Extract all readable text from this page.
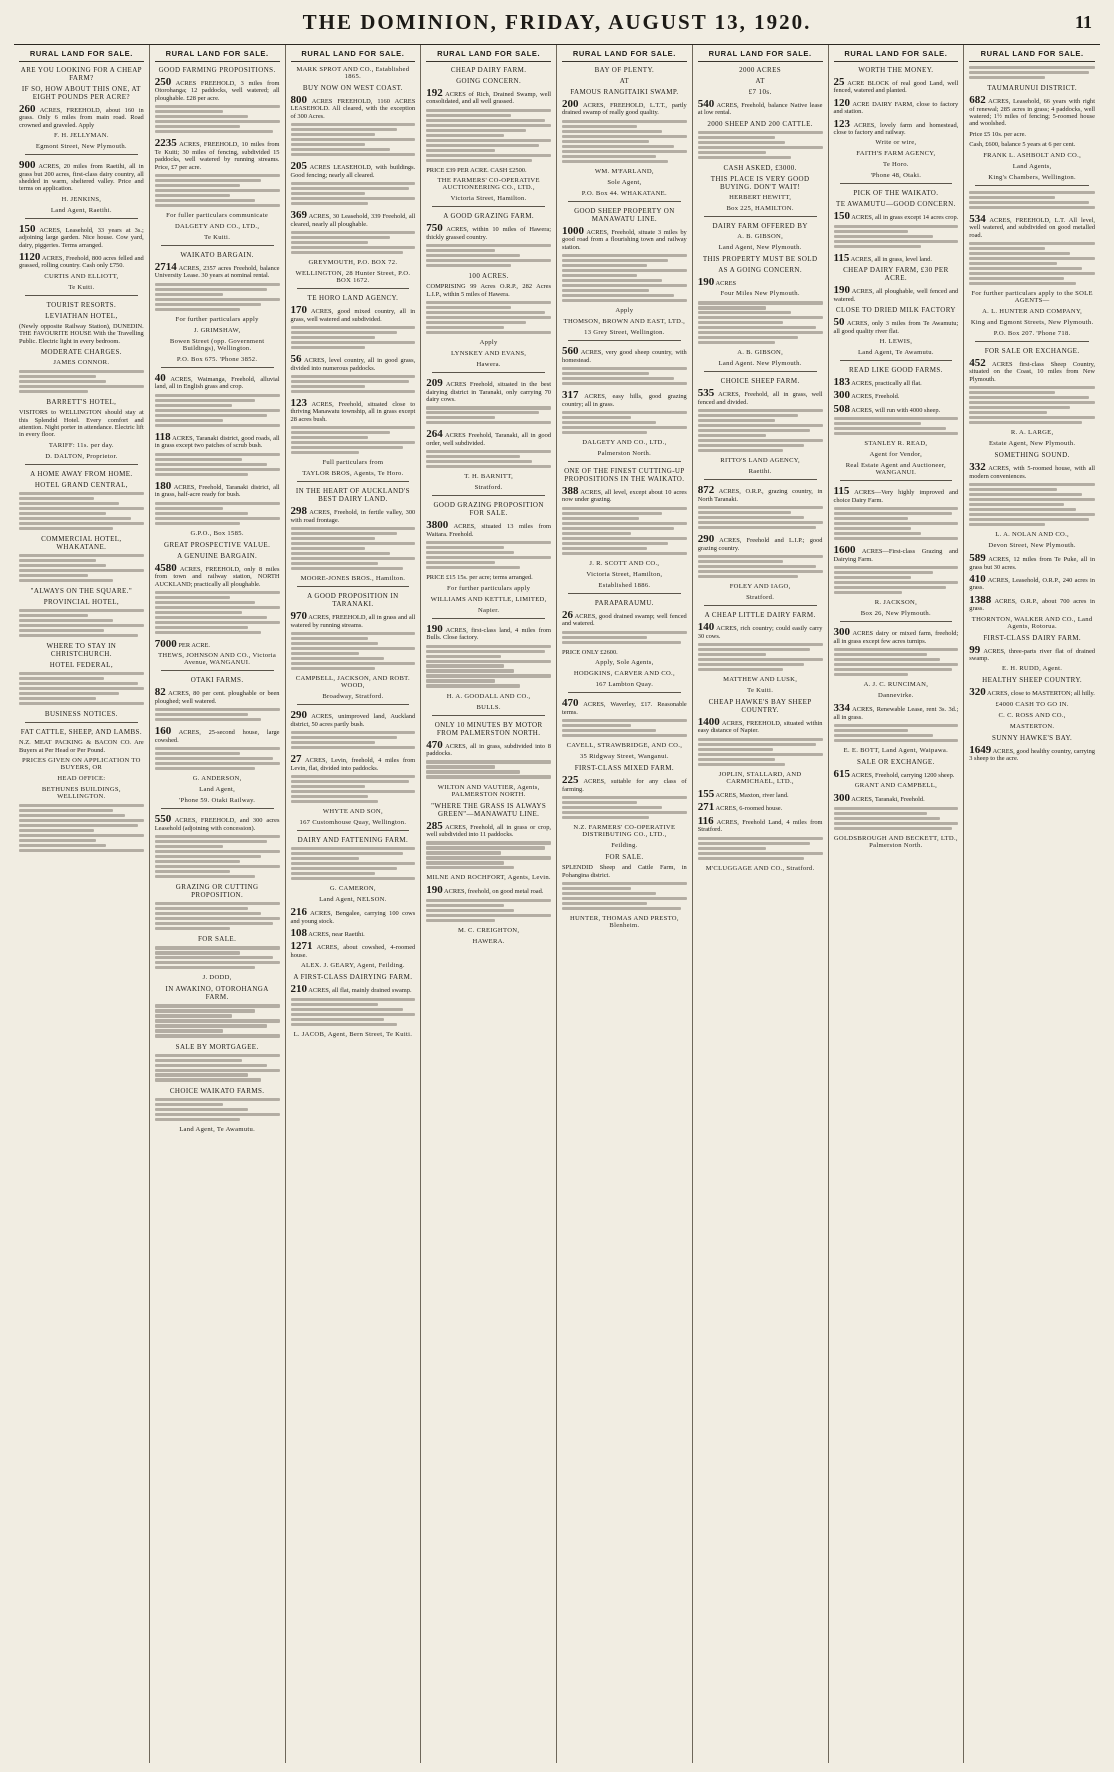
THE DOMINION, FRIDAY, AUGUST 13, 1920.	11
RURAL LAND FOR SALE.
ARE YOU LOOKING FOR A CHEAP FARM?
IF SO, HOW ABOUT THIS ONE, AT EIGHT POUNDS PER ACRE?

260 ACRES, FREEHOLD, about 160 in grass. Only 6 miles from main road. Road crowned and graveled. Apply

F. H. JELLYMAN.
Egmont Street, New Plymouth.

900 ACRES, 20 miles from Raetihi, all in grass but 200 acres, first-class dairy country, all shedded in warm, sheltered valley. Price and terms on application.

H. JENKINS,
Land Agent, Raetihi.

150 ACRES, Leasehold, 33 years at 3s.; adjoining large garden. Nice house. Cow yard, dairy, piggeries. Terms arranged.

1120 ACRES, Freehold, 800 acres felled and grassed, rolling country. Cash only £750.

CURTIS AND ELLIOTT,
Te Kuiti.
TOURIST RESORTS.
LEVIATHAN HOTEL,

(Newly opposite Railway Station), DUNEDIN. THE FAVOURITE HOUSE With the Travelling Public. Electric light in every bedroom.

MODERATE CHARGES.
JAMES CONNOR.
BARRETT'S HOTEL,

VISITORS to WELLINGTON should stay at this Splendid Hotel. Every comfort and attention. Night porter in attendance. Electric lift in every floor.

TARIFF: 11s. per day.
D. DALTON, Proprietor.
A HOME AWAY FROM HOME.
HOTEL GRAND CENTRAL,
COMMERCIAL HOTEL, WHAKATANE.
"ALWAYS ON THE SQUARE."
PROVINCIAL HOTEL,
WHERE TO STAY IN CHRISTCHURCH.
HOTEL FEDERAL,
BUSINESS NOTICES.
FAT CATTLE, SHEEP, AND LAMBS.

N.Z. MEAT PACKING & BACON CO. Are Buyers at Per Head or Per Pound.

PRICES GIVEN ON APPLICATION TO BUYERS, OR
HEAD OFFICE:
BETHUNES BUILDINGS, WELLINGTON.
RURAL LAND FOR SALE.
GOOD FARMING PROPOSITIONS.

250 ACRES FREEHOLD, 3 miles from Otorohanga; 12 paddocks, well watered; all ploughable. £28 per acre.

2235 ACRES, FREEHOLD, 10 miles from Te Kuiti; 30 miles of fencing, subdivided 15 paddocks, well watered by running streams. Price, £7 per acre.

For fuller particulars communicate
DALGETY AND CO., LTD.,
Te Kuiti.
WAIKATO BARGAIN.

2714 ACRES, 2357 acres Freehold, balance University Lease. 30 years at nominal rental.

For further particulars apply
J. GRIMSHAW,
Bowen Street (opp. Government Buildings), Wellington.
P.O. Box 675. 'Phone 3852.

40 ACRES, Waimanga, Freehold, alluvial land, all in English grass and crop.

118 ACRES, Taranaki district, good roads, all in grass except two patches of scrub bush.

180 ACRES, Freehold, Taranaki district, all in grass, half-acre ready for bush.

G.P.O., Box 1585.
GREAT PROSPECTIVE VALUE.
A GENUINE BARGAIN.

4580 ACRES, FREEHOLD, only 8 miles from town and railway station, NORTH AUCKLAND; practically all ploughable.

7000 PER ACRE.

THEWS, JOHNSON AND CO., Victoria Avenue, WANGANUI.
OTAKI FARMS.

82 ACRES, 80 per cent. ploughable or been ploughed; well watered.

160 ACRES, 25-second house, large cowshed.

G. ANDERSON,
Land Agent,
'Phone 59. Otaki Railway.

550 ACRES, FREEHOLD, and 300 acres Leasehold (adjoining with concession).

GRAZING OR CUTTING PROPOSITION.
FOR SALE.
J. DODD,
IN AWAKINO, OTOROHANGA FARM.
SALE BY MORTGAGEE.
CHOICE WAIKATO FARMS.
Land Agent, Te Awamutu.
RURAL LAND FOR SALE.
MARK SPROT AND CO., Established 1865.
BUY NOW ON WEST COAST.

800 ACRES FREEHOLD, 1160 ACRES LEASEHOLD. All cleared, with the exception of 300 Acres.

205 ACRES LEASEHOLD, with buildings. Good fencing; nearly all cleared.

369 ACRES, 30 Leasehold, 339 Freehold, all cleared, nearly all ploughable.

GREYMOUTH, P.O. BOX 72.
WELLINGTON, 28 Hunter Street, P.O. BOX 1672.
TE HORO LAND AGENCY.

170 ACRES, good mixed country, all in grass, well watered and subdivided.

56 ACRES, level country, all in good grass, divided into numerous paddocks.

123 ACRES, Freehold, situated close to thriving Manawatu township, all in grass except 28 acres bush.

Full particulars from
TAYLOR BROS, Agents, Te Horo.
IN THE HEART OF AUCKLAND'S BEST DAIRY LAND.

298 ACRES, Freehold, in fertile valley, 300 with road frontage.

MOORE-JONES BROS., Hamilton.
A GOOD PROPOSITION IN TARANAKI.

970 ACRES, FREEHOLD, all in grass and all watered by running streams.

CAMPBELL, JACKSON, AND ROBT. WOOD,
Broadway, Stratford.

290 ACRES, unimproved land, Auckland district, 50 acres partly bush.

27 ACRES, Levin, freehold, 4 miles from Levin, flat, divided into paddocks.

WHYTE AND SON,
167 Customhouse Quay, Wellington.
DAIRY AND FATTENING FARM.
G. CAMERON,
Land Agent, NELSON.

216 ACRES, Bengalee, carrying 100 cows and young stock.

108 ACRES, near Raetihi.

1271 ACRES, about cowshed, 4-roomed house.

ALEX. J. GEARY, Agent, Feilding.
A FIRST-CLASS DAIRYING FARM.

210 ACRES, all flat, mainly drained swamp.

L. JACOB, Agent, Bern Street, Te Kuiti.
RURAL LAND FOR SALE.
CHEAP DAIRY FARM.
GOING CONCERN.

192 ACRES of Rich, Drained Swamp, well consolidated, and all well grassed.

PRICE £39 PER ACRE. CASH £2500.

THE FARMERS' CO-OPERATIVE AUCTIONEERING CO., LTD.,
Victoria Street, Hamilton.
A GOOD GRAZING FARM.

750 ACRES, within 10 miles of Hawera; thickly grassed country.

100 ACRES.

COMPRISING 99 Acres O.R.P., 282 Acres L.I.P., within 5 miles of Hawera.

Apply
LYNSKEY AND EVANS,
Hawera.

209 ACRES Freehold, situated in the best dairying district in Taranaki, only carrying 70 dairy cows.

264 ACRES Freehold, Taranaki, all in good order, well subdivided.

T. H. BARNITT,
Stratford.
GOOD GRAZING PROPOSITION FOR SALE.

3800 ACRES, situated 13 miles from Waitara. Freehold.

PRICE £15 15s. per acre; terms arranged.

For further particulars apply
WILLIAMS AND KETTLE, LIMITED,
Napier.

190 ACRES, first-class land, 4 miles from Bulls. Close factory.

H. A. GOODALL AND CO.,
BULLS.
ONLY 10 MINUTES BY MOTOR FROM PALMERSTON NORTH.

470 ACRES, all in grass, subdivided into 8 paddocks.

WILTON AND VAUTIER, Agents, PALMERSTON NORTH.
"WHERE THE GRASS IS ALWAYS GREEN"—MANAWATU LINE.

285 ACRES, Freehold, all in grass or crop, well subdivided into 11 paddocks.

MILNE AND ROCHFORT, Agents, Levin.

190 ACRES, freehold, on good metal road.

M. C. CREIGHTON,
HAWERA.
RURAL LAND FOR SALE.
BAY OF PLENTY.
AT
FAMOUS RANGITAIKI SWAMP.

200 ACRES, FREEHOLD, L.T.T., partly drained swamp of really good quality.

WM. M'FARLAND,
Sole Agent,
P.O. Box 44. WHAKATANE.
GOOD SHEEP PROPERTY ON MANAWATU LINE.

1000 ACRES, Freehold, situate 3 miles by good road from a flourishing town and railway station.

Apply
THOMSON, BROWN AND EAST, LTD.,
13 Grey Street, Wellington.

560 ACRES, very good sheep country, with homestead.

317 ACRES, easy hills, good grazing country; all in grass.

DALGETY AND CO., LTD.,
Palmerston North.
ONE OF THE FINEST CUTTING-UP PROPOSITIONS IN THE WAIKATO.

388 ACRES, all level, except about 10 acres now under grazing.

J. R. SCOTT AND CO.,
Victoria Street, Hamilton,
Established 1886.
PARAPARAUMU.

26 ACRES, good drained swamp; well fenced and watered.

PRICE ONLY £2600.

Apply, Sole Agents,
HODGKINS, CARVER AND CO.,
167 Lambton Quay.

470 ACRES, Waverley, £17. Reasonable terms.

CAVELL, STRAWBRIDGE, AND CO.,
35 Ridgway Street, Wanganui.
FIRST-CLASS MIXED FARM.

225 ACRES, suitable for any class of farming.

N.Z. FARMERS' CO-OPERATIVE DISTRIBUTING CO., LTD.,
Feilding.
FOR SALE.

SPLENDID Sheep and Cattle Farm, in Pohangina district.

HUNTER, THOMAS AND PRESTO, Blenheim.
RURAL LAND FOR SALE.
2000 ACRES
AT
£7 10s.

540 ACRES, Freehold, balance Native lease at low rental.

2000 SHEEP AND 200 CATTLE.
CASH ASKED, £3000.
THIS PLACE IS VERY GOOD BUYING. DON'T WAIT!
HERBERT HEWITT,
Box 225, HAMILTON.
DAIRY FARM OFFERED BY
A. B. GIBSON,
Land Agent, New Plymouth.
THIS PROPERTY MUST BE SOLD
AS A GOING CONCERN.

190 ACRES

Four Miles New Plymouth.
A. B. GIBSON,
Land Agent. New Plymouth.
CHOICE SHEEP FARM.

535 ACRES, Freehold, all in grass, well fenced and divided.

RITTO'S LAND AGENCY,
Raetihi.

872 ACRES, O.R.P., grazing country, in North Taranaki.

290 ACRES, Freehold and L.I.P.; good grazing country.

FOLEY AND IAGO,
Stratford.
A CHEAP LITTLE DAIRY FARM.

140 ACRES, rich country; could easily carry 30 cows.

MATTHEW AND LUSK,
Te Kuiti.
CHEAP HAWKE'S BAY SHEEP COUNTRY.

1400 ACRES, FREEHOLD, situated within easy distance of Napier.

JOPLIN, STALLARD, AND CARMICHAEL, LTD.,

155 ACRES, Maxton, river land.

271 ACRES, 6-roomed house.

116 ACRES, Freehold Land, 4 miles from Stratford.

M'CLUGGAGE AND CO., Stratford.
RURAL LAND FOR SALE.
WORTH THE MONEY.

25 ACRE BLOCK of real good Land, well fenced, watered and planted.

120 ACRE DAIRY FARM, close to factory and station.

123 ACRES, lovely farm and homestead, close to factory and railway.

Write or wire,
FAITH'S FARM AGENCY,
Te Horo.
'Phone 48, Otaki.
PICK OF THE WAIKATO.
TE AWAMUTU—GOOD CONCERN.

150 ACRES, all in grass except 14 acres crop.

115 ACRES, all in grass, level land.

CHEAP DAIRY FARM, £30 PER ACRE.

190 ACRES, all ploughable, well fenced and watered.

CLOSE TO DRIED MILK FACTORY

50 ACRES, only 3 miles from Te Awamutu; all good quality river flat.

H. LEWIS,
Land Agent, Te Awamutu.
READ LIKE GOOD FARMS.

183 ACRES, practically all flat.

300 ACRES, Freehold.

508 ACRES, will run with 4000 sheep.

STANLEY R. READ,
Agent for Vendor,
Real Estate Agent and Auctioneer, WANGANUI.

115 ACRES—Very highly improved and choice Dairy Farm.

1600 ACRES—First-class Grazing and Dairying Farm.

R. JACKSON,
Box 26, New Plymouth.

300 ACRES dairy or mixed farm, freehold; all in grass except few acres turnips.

A. J. C. RUNCIMAN,
Dannevirke.

334 ACRES, Renewable Lease, rent 3s. 3d.; all in grass.

E. E. BOTT, Land Agent, Waipawa.
SALE OR EXCHANGE.

615 ACRES, Freehold, carrying 1200 sheep.

GRANT AND CAMPBELL,

300 ACRES, Taranaki, Freehold.

GOLDSBROUGH AND BECKETT, LTD., Palmerston North.
RURAL LAND FOR SALE.
TAUMARUNUI DISTRICT.

682 ACRES, Leasehold, 66 years with right of renewal; 285 acres in grass; 4 paddocks, well watered; 1½ miles of fencing; 5-roomed house and woolshed.

Price £5 10s. per acre.

Cash, £600, balance 5 years at 6 per cent.

FRANK L. ASHBOLT AND CO.,
Land Agents,
King's Chambers, Wellington.

534 ACRES, FREEHOLD, L.T. All level, well watered, and subdivided on good metalled road.

For further particulars apply to the SOLE AGENTS—
A. L. HUNTER AND COMPANY,
King and Egmont Streets, New Plymouth.
P.O. Box 207. 'Phone 718.
FOR SALE OR EXCHANGE.

452 ACRES first-class Sheep Country, situated on the Coast, 10 miles from New Plymouth.

R. A. LARGE,
Estate Agent, New Plymouth.
SOMETHING SOUND.

332 ACRES, with 5-roomed house, with all modern conveniences.

L. A. NOLAN AND CO.,
Devon Street, New Plymouth.

589 ACRES, 12 miles from Te Puke, all in grass but 30 acres.

410 ACRES, Leasehold, O.R.P., 240 acres in grass.

1388 ACRES, O.R.P., about 700 acres in grass.

THORNTON, WALKER AND CO., Land Agents, Rotorua.
FIRST-CLASS DAIRY FARM.

99 ACRES, three-parts river flat of drained swamp.

E. H. RUDD, Agent.
HEALTHY SHEEP COUNTRY.

320 ACRES, close to MASTERTON; all hilly.

£4000 CASH TO GO IN.
C. C. ROSS AND CO.,
MASTERTON.
SUNNY HAWKE'S BAY.

1649 ACRES, good healthy country, carrying 3 sheep to the acre.
